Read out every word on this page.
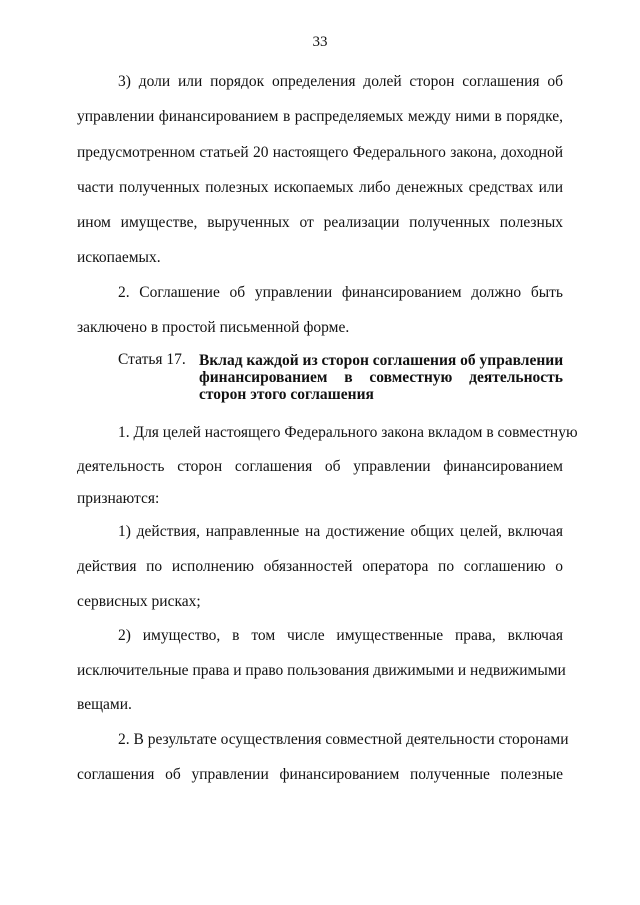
33
3) доли или порядок определения долей сторон соглашения об
управлении финансированием в распределяемых между ними в порядке,
предусмотренном статьей 20 настоящего Федерального закона, доходной
части полученных полезных ископаемых либо денежных средствах или
ином имуществе, вырученных от реализации полученных полезных
ископаемых.
2. Соглашение об управлении финансированием должно быть
заключено в простой письменной форме.
Статья 17. Вклад каждой из сторон соглашения об управлении
финансированием в совместную деятельность
сторон этого соглашения
1. Для целей настоящего Федерального закона вкладом в совместную
деятельность сторон соглашения об управлении финансированием
признаются:
1) действия, направленные на достижение общих целей, включая
действия по исполнению обязанностей оператора по соглашению о
сервисных рисках;
2) имущество, в том числе имущественные права, включая
исключительные права и право пользования движимыми и недвижимыми
вещами.
2. В результате осуществления совместной деятельности сторонами
соглашения об управлении финансированием полученные полезные
